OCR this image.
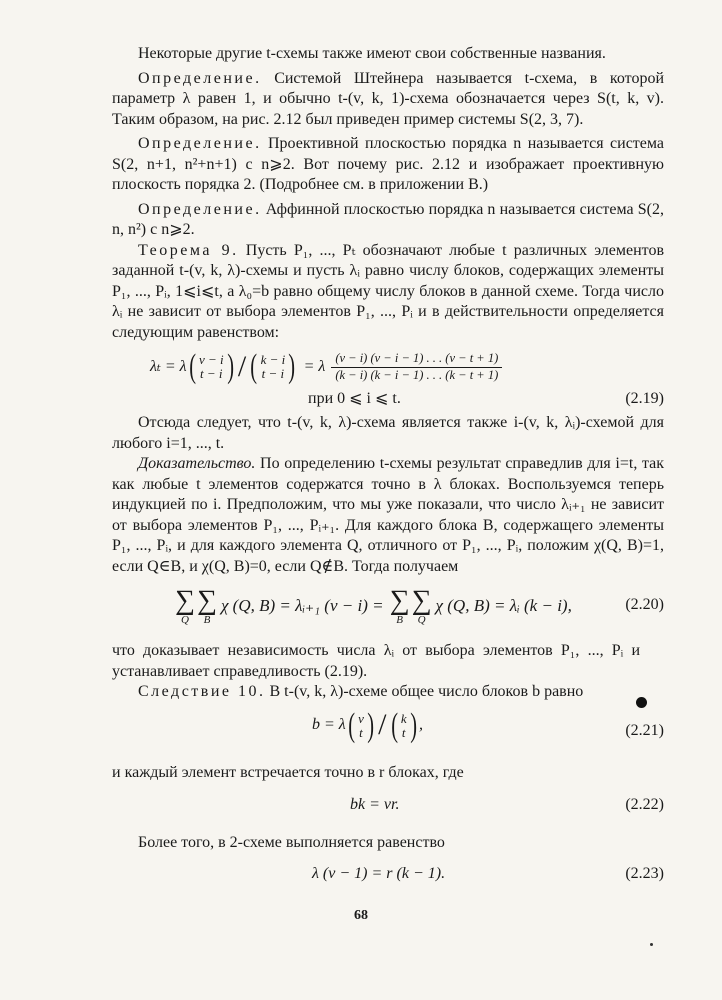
Некоторые другие t-схемы также имеют свои собственные названия.

Определение. Системой Штейнера называется t-схема, в которой параметр λ равен 1, и обычно t-(v, k, 1)-схема обозначается через S(t, k, v). Таким образом, на рис. 2.12 был приведен пример системы S(2, 3, 7).

Определение. Проективной плоскостью порядка n называется система S(2, n+1, n²+n+1) с n⩾2. Вот почему рис. 2.12 и изображает проективную плоскость порядка 2. (Подробнее см. в приложении В.)

Определение. Аффинной плоскостью порядка n называется система S(2, n, n²) с n⩾2.

Теорема 9. Пусть P₁, ..., Pₜ обозначают любые t различных элементов заданной t-(v, k, λ)-схемы и пусть λᵢ равно числу блоков, содержащих элементы P₁, ..., Pᵢ, 1⩽i⩽t, а λ₀=b равно общему числу блоков в данной схеме. Тогда число λᵢ не зависит от выбора элементов P₁, ..., Pᵢ и в действительности определяется следующим равенством:

λₜ = λ ( v − i
t − i ) / ( k − i
t − i ) = λ (v − i) (v − i − 1) . . . (v − t + 1)
(k − i) (k − i − 1) . . . (k − t + 1)
при 0 ⩽ i ⩽ t.	(2.19)

Отсюда следует, что t-(v, k, λ)-схема является также i-(v, k, λᵢ)-схемой для любого i=1, ..., t.

Доказательство. По определению t-схемы результат справедлив для i=t, так как любые t элементов содержатся точно в λ блоках. Воспользуемся теперь индукцией по i. Предположим, что мы уже показали, что число λᵢ₊₁ не зависит от выбора элементов P₁, ..., Pᵢ₊₁. Для каждого блока B, содержащего элементы P₁, ..., Pᵢ, и для каждого элемента Q, отличного от P₁, ..., Pᵢ, положим χ(Q, B)=1, если Q∈B, и χ(Q, B)=0, если Q∉B. Тогда получаем

∑
Q
∑
B
χ (Q, B) = λᵢ₊₁ (v − i) = ∑
B
∑
Q
χ (Q, B) = λᵢ (k − i),	(2.20)

что доказывает независимость числа λᵢ от выбора элементов P₁, ..., Pᵢ и устанавливает справедливость (2.19).

Следствие 10. В t-(v, k, λ)-схеме общее число блоков b равно

b = λ ( v
t ) / ( k
t ) ,	(2.21)

и каждый элемент встречается точно в r блоках, где

bk = vr.	(2.22)

Более того, в 2-схеме выполняется равенство

λ (v − 1) = r (k − 1).	(2.23)
68
